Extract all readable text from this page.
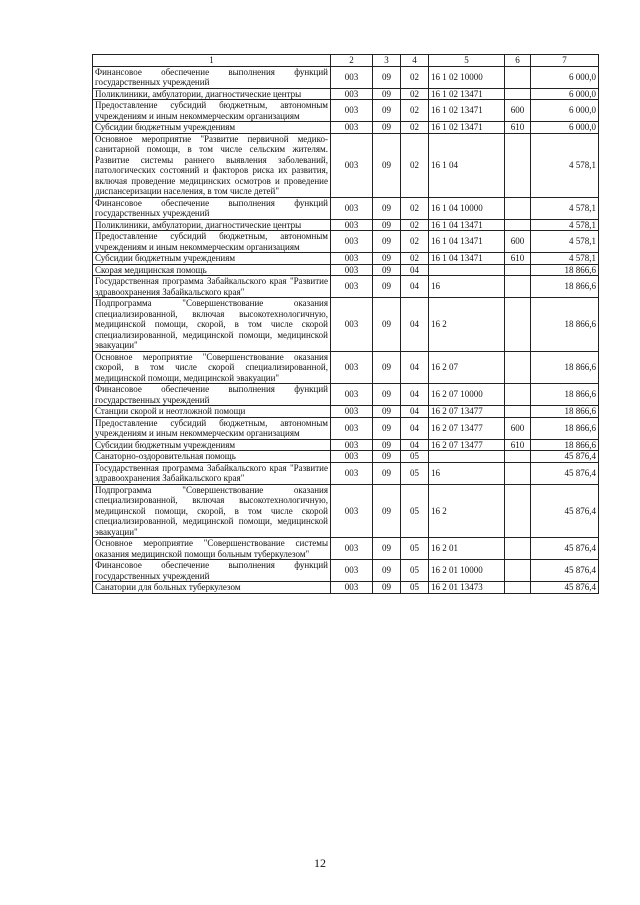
1	2	3	4	5	6	7
Финансовое обеспечение выполнения функций государственных учреждений	003	09	02	16 1 02 10000		6 000,0
Поликлиники, амбулатории, диагностические центры	003	09	02	16 1 02 13471		6 000,0
Предоставление субсидий бюджетным, автономным учреждениям и иным некоммерческим организациям	003	09	02	16 1 02 13471	600	6 000,0
Субсидии бюджетным учреждениям	003	09	02	16 1 02 13471	610	6 000,0
Основное мероприятие "Развитие первичной медико-санитарной помощи, в том числе сельским жителям. Развитие системы раннего выявления заболеваний, патологических состояний и факторов риска их развития, включая проведение медицинских осмотров и проведение диспансеризации населения, в том числе детей"	003	09	02	16 1 04		4 578,1
Финансовое обеспечение выполнения функций государственных учреждений	003	09	02	16 1 04 10000		4 578,1
Поликлиники, амбулатории, диагностические центры	003	09	02	16 1 04 13471		4 578,1
Предоставление субсидий бюджетным, автономным учреждениям и иным некоммерческим организациям	003	09	02	16 1 04 13471	600	4 578,1
Субсидии бюджетным учреждениям	003	09	02	16 1 04 13471	610	4 578,1
Скорая медицинская помощь	003	09	04			18 866,6
Государственная программа Забайкальского края "Развитие здравоохранения Забайкальского края"	003	09	04	16		18 866,6
Подпрограмма "Совершенствование оказания специализированной, включая высокотехнологичную, медицинской помощи, скорой, в том числе скорой специализированной, медицинской помощи, медицинской эвакуации"	003	09	04	16 2		18 866,6
Основное мероприятие "Совершенствование оказания скорой, в том числе скорой специализированной, медицинской помощи, медицинской эвакуации"	003	09	04	16 2 07		18 866,6
Финансовое обеспечение выполнения функций государственных учреждений	003	09	04	16 2 07 10000		18 866,6
Станции скорой и неотложной помощи	003	09	04	16 2 07 13477		18 866,6
Предоставление субсидий бюджетным, автономным учреждениям и иным некоммерческим организациям	003	09	04	16 2 07 13477	600	18 866,6
Субсидии бюджетным учреждениям	003	09	04	16 2 07 13477	610	18 866,6
Санаторно-оздоровительная помощь	003	09	05			45 876,4
Государственная программа Забайкальского края "Развитие здравоохранения Забайкальского края"	003	09	05	16		45 876,4
Подпрограмма "Совершенствование оказания специализированной, включая высокотехнологичную, медицинской помощи, скорой, в том числе скорой специализированной, медицинской помощи, медицинской эвакуации"	003	09	05	16 2		45 876,4
Основное мероприятие "Совершенствование системы оказания медицинской помощи больным туберкулезом"	003	09	05	16 2 01		45 876,4
Финансовое обеспечение выполнения функций государственных учреждений	003	09	05	16 2 01 10000		45 876,4
Санатории для больных туберкулезом	003	09	05	16 2 01 13473		45 876,4
12
